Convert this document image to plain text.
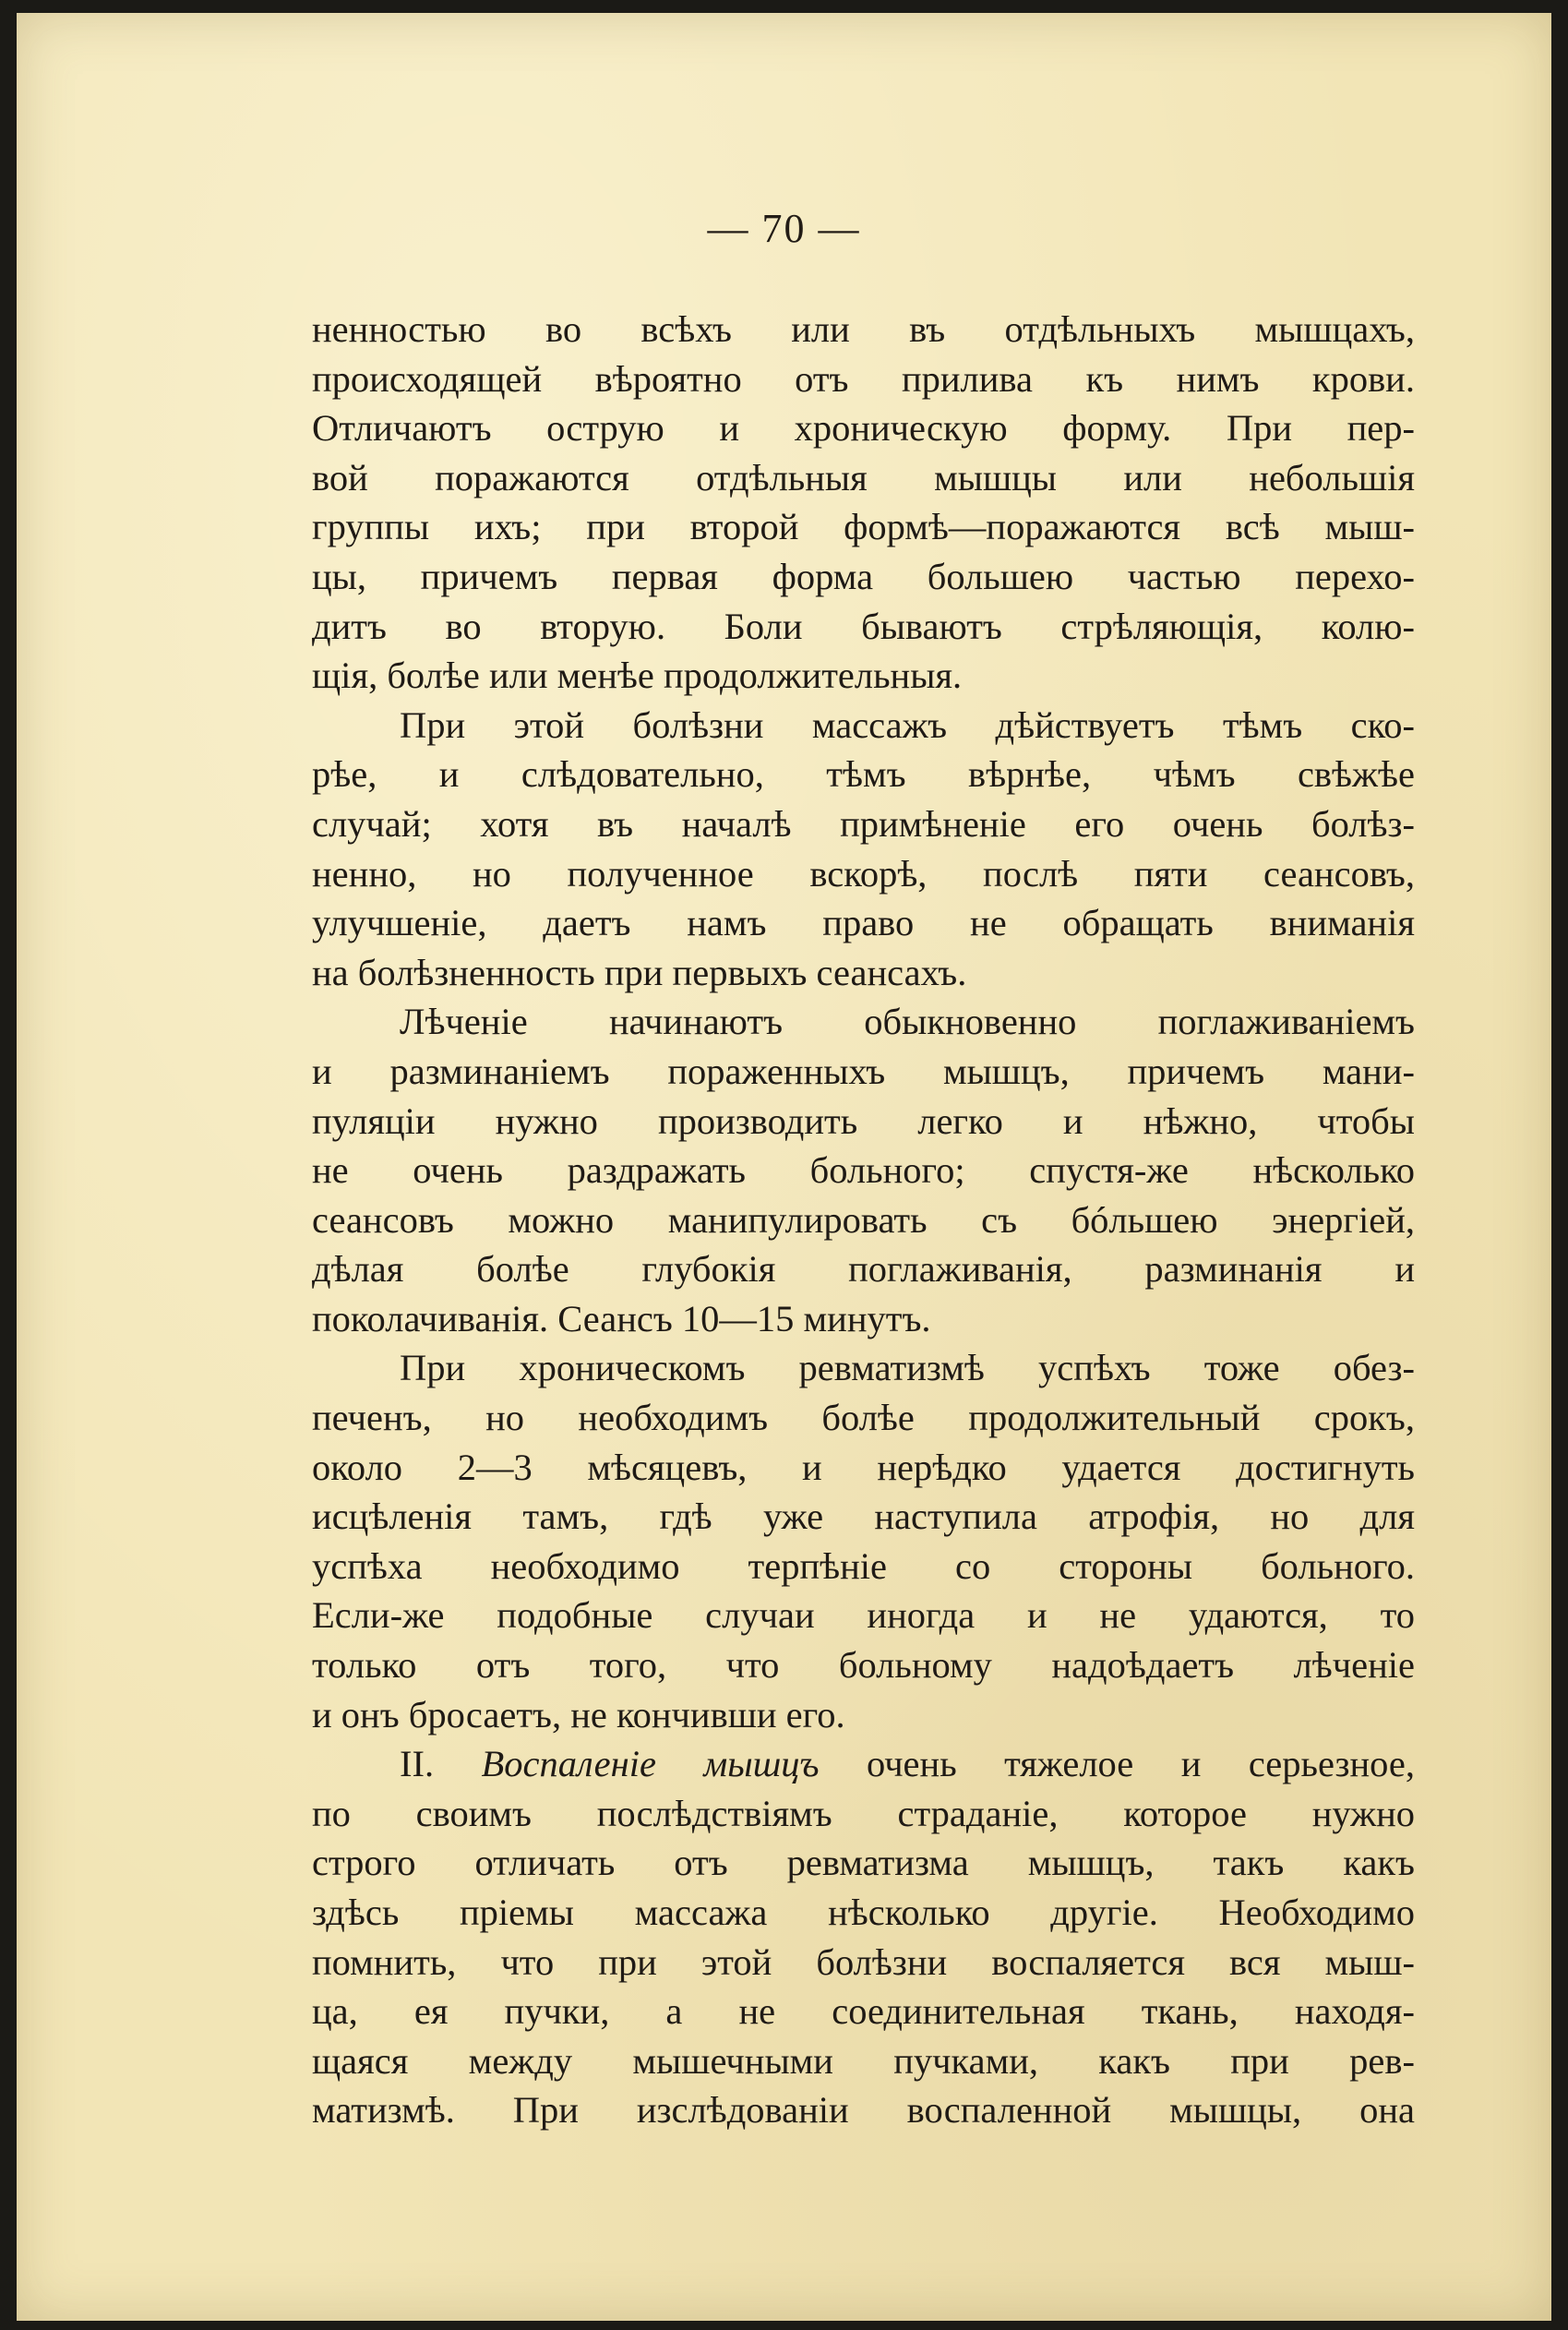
— 70 —
ненностью во всѣхъ или въ отдѣльныхъ мышцахъ,
происходящей вѣроятно отъ прилива къ нимъ крови.
Отличаютъ острую и хроническую форму. При пер-
вой поражаются отдѣльныя мышцы или небольшія
группы ихъ; при второй формѣ—поражаются всѣ мыш-
цы, причемъ первая форма большею частью перехо-
дитъ во вторую. Боли бываютъ стрѣляющія, колю-
щія, болѣе или менѣе продолжительныя.
При этой болѣзни массажъ дѣйствуетъ тѣмъ ско-
рѣе, и слѣдовательно, тѣмъ вѣрнѣе, чѣмъ свѣжѣе
случай; хотя въ началѣ примѣненіе его очень болѣз-
ненно, но полученное вскорѣ, послѣ пяти сеансовъ,
улучшеніе, даетъ намъ право не обращать вниманія
на болѣзненность при первыхъ сеансахъ.
Лѣченіе начинаютъ обыкновенно поглаживаніемъ
и разминаніемъ пораженныхъ мышцъ, причемъ мани-
пуляціи нужно производить легко и нѣжно, чтобы
не очень раздражать больного; спустя-же нѣсколько
сеансовъ можно манипулировать съ бóльшею энергіей,
дѣлая болѣе глубокія поглаживанія, разминанія и
поколачиванія. Сеансъ 10—15 минутъ.
При хроническомъ ревматизмѣ успѣхъ тоже обез-
печенъ, но необходимъ болѣе продолжительный срокъ,
около 2—3 мѣсяцевъ, и нерѣдко удается достигнуть
исцѣленія тамъ, гдѣ уже наступила атрофія, но для
успѣха необходимо терпѣніе со стороны больного.
Если-же подобные случаи иногда и не удаются, то
только отъ того, что больному надоѣдаетъ лѣченіе
и онъ бросаетъ, не кончивши его.
II. Воспаленіе мышцъ очень тяжелое и серьезное,
по своимъ послѣдствіямъ страданіе, которое нужно
строго отличать отъ ревматизма мышцъ, такъ какъ
здѣсь пріемы массажа нѣсколько другіе. Необходимо
помнить, что при этой болѣзни воспаляется вся мыш-
ца, ея пучки, а не соединительная ткань, находя-
щаяся между мышечными пучками, какъ при рев-
матизмѣ. При изслѣдованіи воспаленной мышцы, она
